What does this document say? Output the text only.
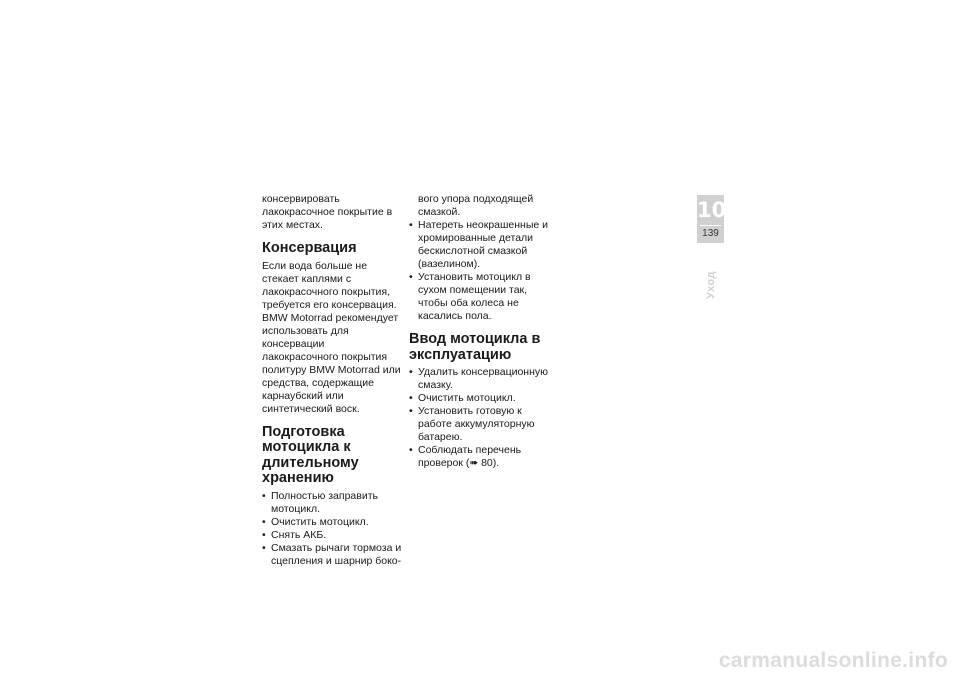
консервировать лакокрасочное покрытие в этих местах.

Консервация

Если вода больше не стекает каплями с лакокрасочного покрытия, требуется его консервация.

BMW Motorrad рекомендует использовать для консервации лакокрасочного покрытия политуру BMW Motorrad или средства, содержащие карнаубский или синтетический воск.

Подготовка мотоцикла к длительному хранению
• Полностью заправить мотоцикл.
• Очистить мотоцикл.
• Снять АКБ.
• Смазать рычаги тормоза и сцепления и шарнир боко-

вого упора подходящей смазкой.

• Натереть неокрашенные и хромированные детали бескислотной смазкой (вазелином).
• Установить мотоцикл в сухом помещении так, чтобы оба колеса не касались пола.
Ввод мотоцикла в эксплуатацию
• Удалить консервационную смазку.
• Очистить мотоцикл.
• Установить готовую к работе аккумуляторную батарею.
• Соблюдать перечень проверок (➠ 80).
10
139
Уход
carmanualsonline.info
